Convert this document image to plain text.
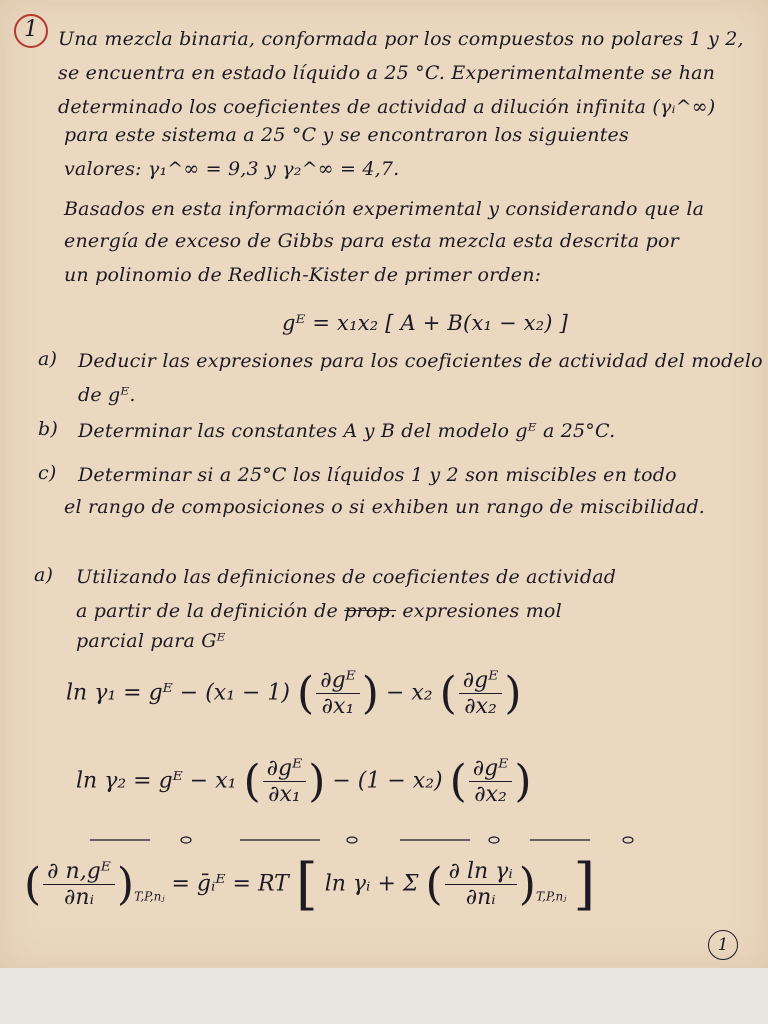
1 Una mezcla binaria, conformada por los compuestos no polares 1 y 2,
se encuentra en estado líquido a 25 °C. Experimentalmente se han
determinado los coeficientes de actividad a dilución infinita (γᵢ^∞)
para este sistema a 25 °C y se encontraron los siguientes
valores: γ₁^∞ = 9,3 y γ₂^∞ = 4,7.
Basados en esta información experimental y considerando que la
energía de exceso de Gibbs para esta mezcla esta descrita por
un polinomio de Redlich-Kister de primer orden:
gᴱ = x₁x₂ [ A + B(x₁ − x₂) ]
a) Deducir las expresiones para los coeficientes de actividad del modelo
de gᴱ.
b) Determinar las constantes A y B del modelo gᴱ a 25°C.
c) Determinar si a 25°C los líquidos 1 y 2 son miscibles en todo
el rango de composiciones o si exhiben un rango de miscibilidad.
a) Utilizando las definiciones de coeficientes de actividad
a partir de la definición de prop. expresiones mol
parcial para Gᴱ
ln γ₁ = gᴱ − (x₁ − 1) ( $\frac{\text{∂gᴱ}}{\text{∂x₁}}$ ) − x₂ ( $\frac{\text{∂gᴱ}}{\text{∂x₂}}$ )
ln γ₂ = gᴱ − x₁ ( $\frac{\text{∂gᴱ}}{\text{∂x₁}}$ ) − (1 − x₂) ( $\frac{\text{∂gᴱ}}{\text{∂x₂}}$ )
( $\frac{\text{∂ n,gᴱ}}{\text{∂nᵢ}} )_{T,P,nⱼ}$ = ḡᵢᴱ = RT [ ln γᵢ + Σ ( $\frac{\text{∂ ln γᵢ}}{\text{∂nᵢ}} )_{T,P,nⱼ}$ ]
1
